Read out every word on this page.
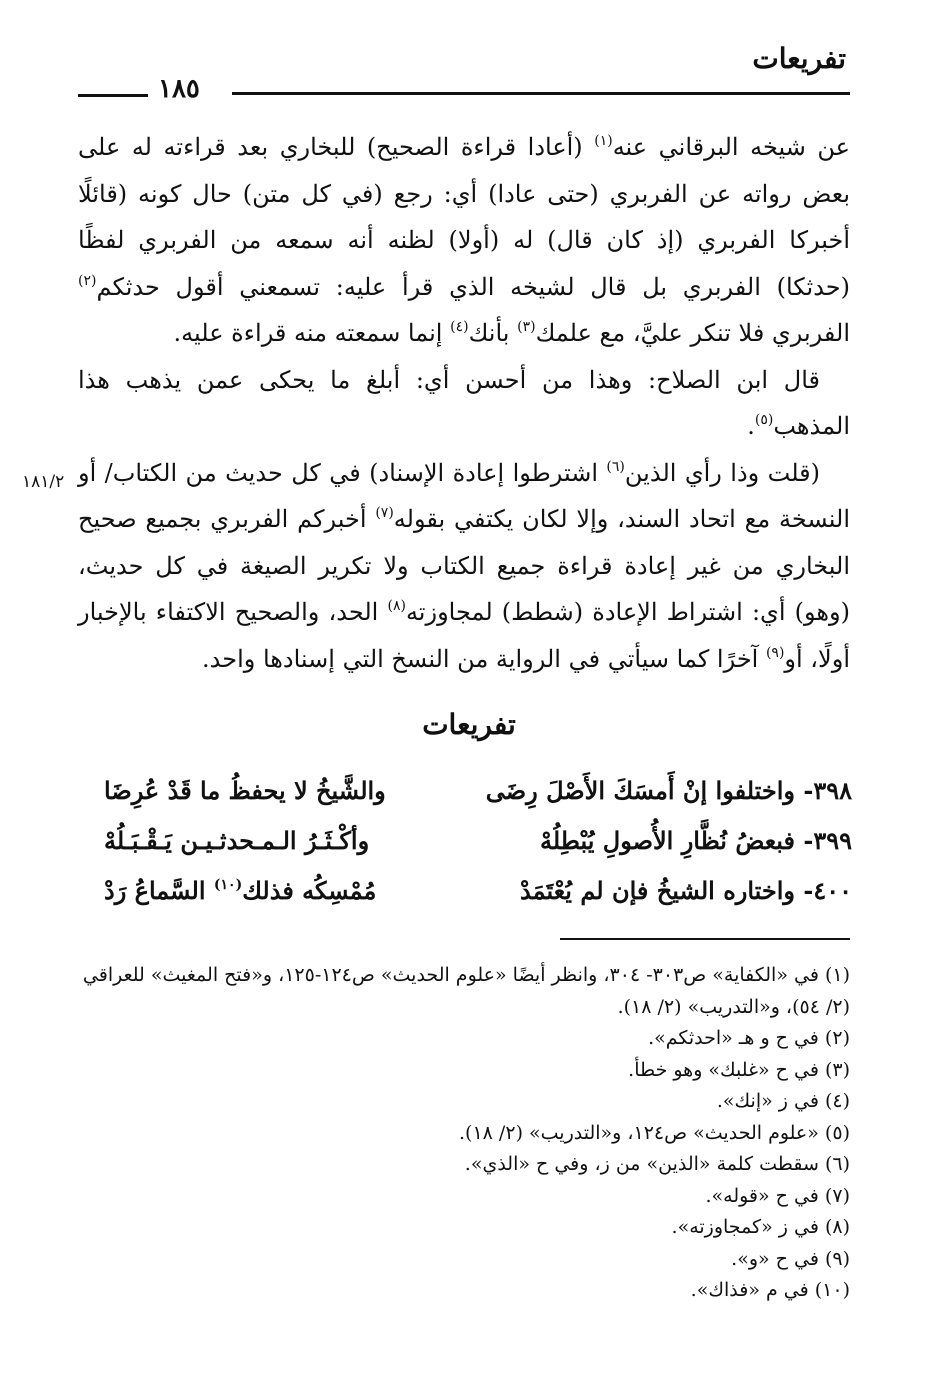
تفريعات
١٨٥

عن شيخه البرقاني عنه$^{(١)}$ (أعادا قراءة الصحيح) للبخاري بعد قراءته له على بعض رواته عن الفربري (حتى عادا) أي: رجع (في كل متن) حال كونه (قائلًا أخبركا الفربري (إذ كان قال) له (أولا) لظنه أنه سمعه من الفربري لفظًا (حدثكا) الفربري بل قال لشيخه الذي قرأ عليه: تسمعني أقول حدثكم$^{(٢)}$ الفربري فلا تنكر عليَّ، مع علمك$^{(٣)}$ بأنك$^{(٤)}$ إنما سمعته منه قراءة عليه.

قال ابن الصلاح: وهذا من أحسن أي: أبلغ ما يحكى عمن يذهب هذا المذهب$^{(٥)}$.

(قلت وذا رأي الذين$^{(٦)}$ اشترطوا إعادة الإسناد) في كل حديث من الكتاب/ أو النسخة مع اتحاد السند، وإلا لكان يكتفي بقوله$^{(٧)}$ أخبركم الفربري بجميع صحيح البخاري من غير إعادة قراءة جميع الكتاب ولا تكرير الصيغة في كل حديث، (وهو) أي: اشتراط الإعادة (شطط) لمجاوزته$^{(٨)}$ الحد، والصحيح الاكتفاء بالإخبار أولًا، أو$^{(٩)}$ آخرًا كما سيأتي في الرواية من النسخ التي إسنادها واحد.

١٨١/٢
تفريعات
٣٩٨- واختلفوا إنْ أَمسَكَ الأَصْلَ رِضَى
والشَّيخُ لا يحفظُ ما قَدْ عُرِضَا
٣٩٩- فبعضُ نُظَّارِ الأُصولِ يُبْطِلُهْ
وأكْـثَـرُ الـمـحدثـيـن يَـقْـبَـلُهْ
٤٠٠- واختاره الشيخُ فإن لم يُعْتَمَدْ
مُمْسِكُه فذلك$^{(١٠)}$ السَّماعُ رَدْ

(١) في «الكفاية» ص٣٠٣- ٣٠٤، وانظر أيضًا «علوم الحديث» ص١٢٤-١٢٥، و«فتح المغيث» للعراقي (٢/ ٥٤)، و«التدريب» (٢/ ١٨).

(٢) في ح و هـ «احدثكم».

(٣) في ح «غلبك» وهو خطأ.

(٤) في ز «إنك».

(٥) «علوم الحديث» ص١٢٤، و«التدريب» (٢/ ١٨).

(٦) سقطت كلمة «الذين» من ز، وفي ح «الذي».

(٧) في ح «قوله».

(٨) في ز «كمجاوزته».

(٩) في ح «و».

(١٠) في م «فذاك».
